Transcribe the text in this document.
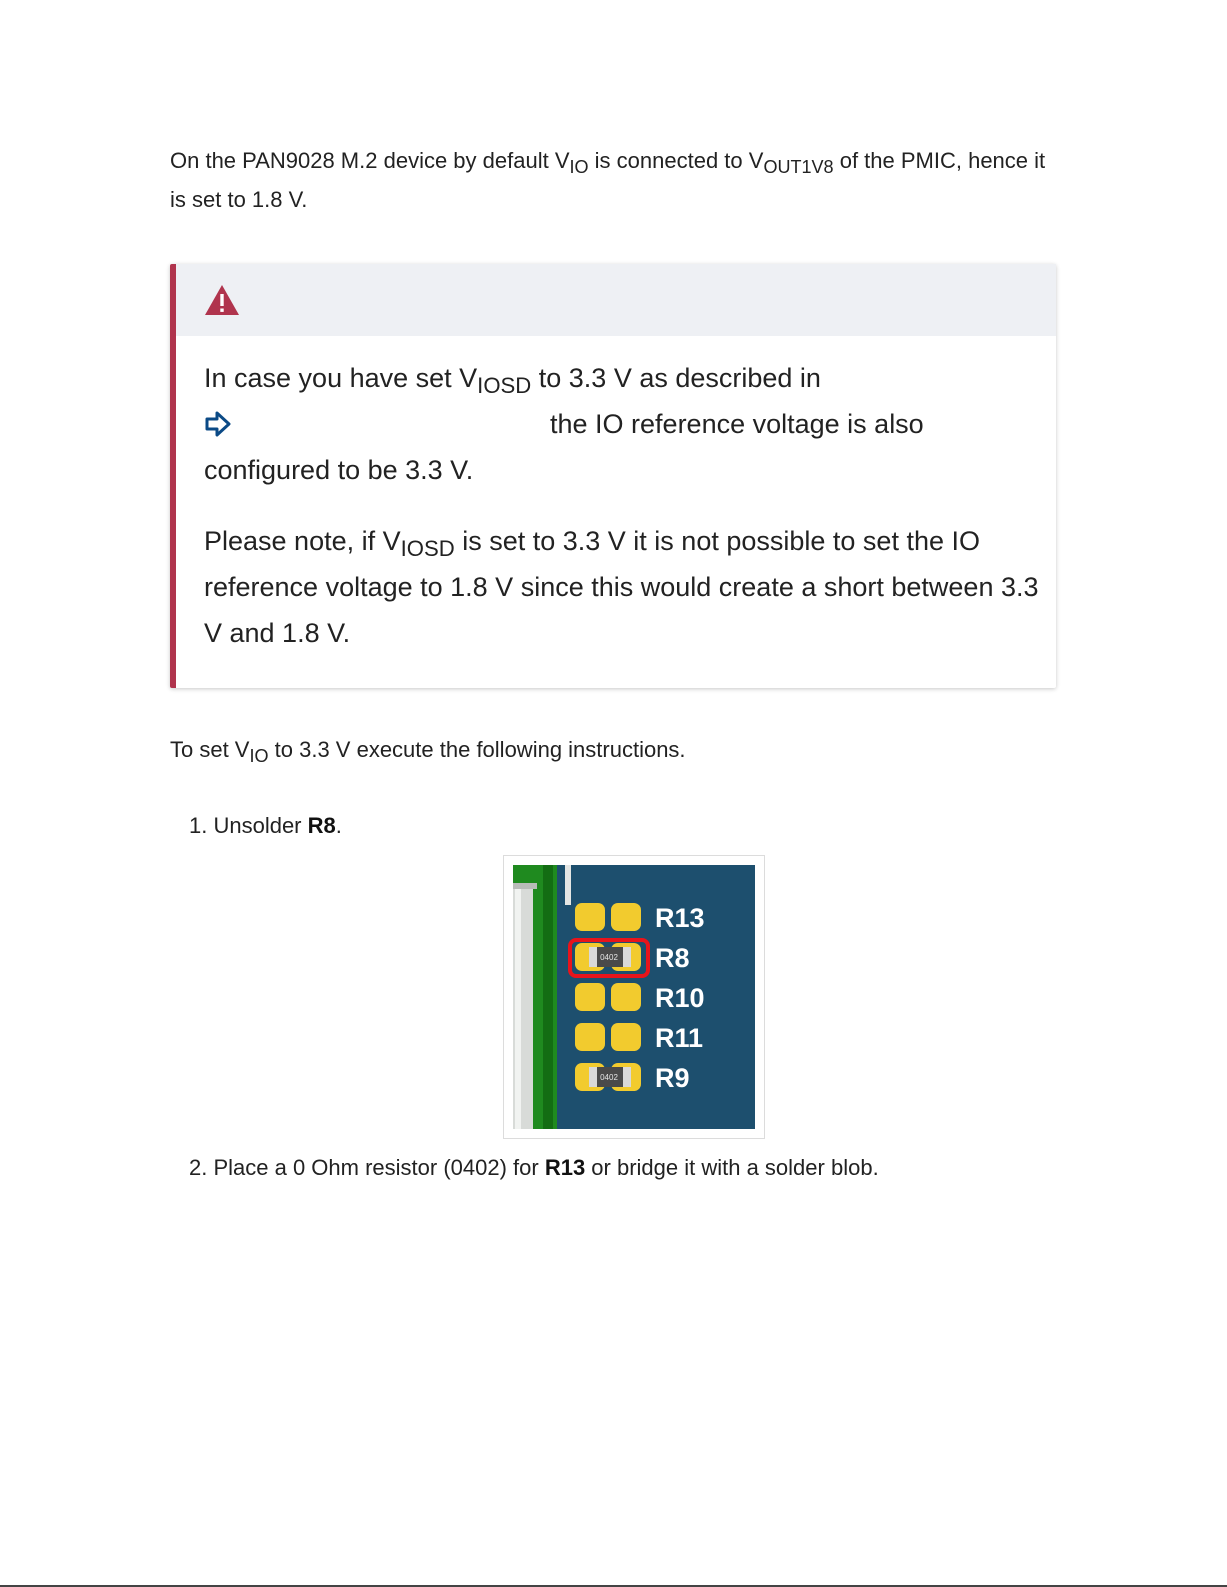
On the PAN9028 M.2 device by default $V_{IO}$ is connected to $V_{OUT1V8}$ of the PMIC, hence it is set to 1.8 V.

In case you have set $V_{IOSD}$ to 3.3 V as described in
the IO reference voltage is also configured to be 3.3 V.

Please note, if $V_{IOSD}$ is set to 3.3 V it is not possible to set the IO reference voltage to 1.8 V since this would create a short between 3.3 V and 1.8 V.

To set $V_{IO}$ to 3.3 V execute the following instructions.

1. Unsolder R8.
0402
0402
R13
R8
R10
R11
R9
2. Place a 0 Ohm resistor (0402) for R13 or bridge it with a solder blob.
